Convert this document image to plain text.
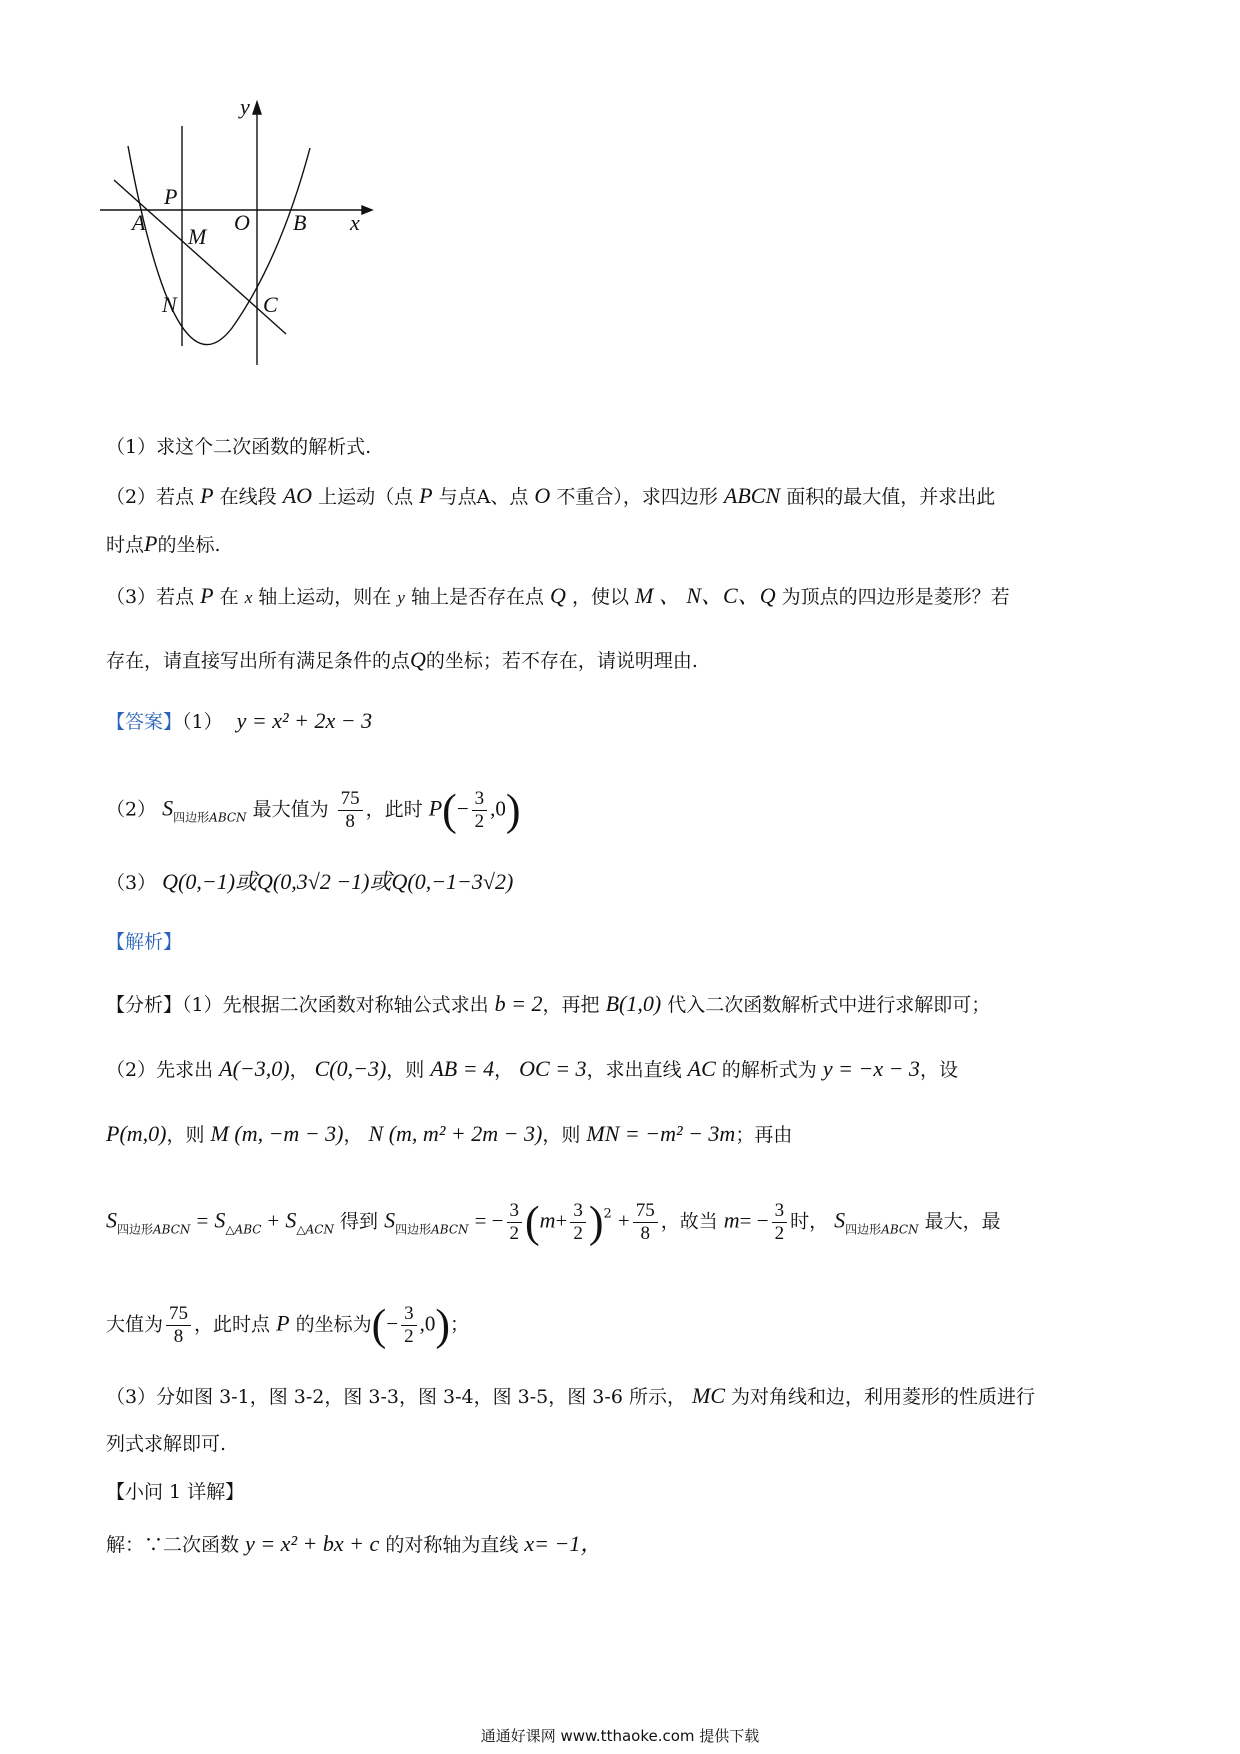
y
x
P
A
M
O B
N	C
（1）求这个二次函数的解析式.
（2）若点 P 在线段 AO 上运动（点 P 与点A、点 O 不重合），求四边形 ABCN 面积的最大值，并求出此
时点P的坐标.
（3）若点 P 在 x 轴上运动，则在 y 轴上是否存在点 Q ，使以 M 、 N、C、Q 为顶点的四边形是菱形？若
存在，请直接写出所有满足条件的点Q的坐标；若不存在，请说明理由.
【答案】（1） y = x² + 2x − 3
（2） $S_{四边形ABCN}$ 最大值为 $\frac{75}{8}$ ，此时 $P(- \frac{3}{2} ,0)$
（3） Q(0,−1)或Q(0,3√2 −1)或Q(0,−1−3√2)
【解析】
【分析】（1）先根据二次函数对称轴公式求出 b = 2，再把 B(1,0) 代入二次函数解析式中进行求解即可；
（2）先求出 A(−3,0)， C(0,−3)，则 AB = 4， OC = 3，求出直线 AC 的解析式为 y = −x − 3，设
P(m,0)，则 M (m, −m − 3)， N (m, m² + 2m − 3)，则 MN = −m² − 3m；再由
$S_{四边形ABCN} = S_{\triangle ABC} + S_{\triangle ACN}$ 得到 $S_{四边形ABCN}$ = − $\frac{3}{2} (m+ \frac{3}{2} )^2 + \frac{75}{8}$ ，故当 $m= - \frac{3}{2}$ 时， $S_{四边形ABCN}$ 最大，最
大值为 $\frac{75}{8}$ ，此时点 P 的坐标为(− $\frac{3}{2} ,0$)；
（3）分如图 3-1，图 3-2，图 3-3，图 3-4，图 3-5，图 3-6 所示， MC 为对角线和边，利用菱形的性质进行
列式求解即可.
【小问 1 详解】
解：∵二次函数 y = x² + bx + c 的对称轴为直线 x= −1，
通通好课网 www.tthaoke.com 提供下载
